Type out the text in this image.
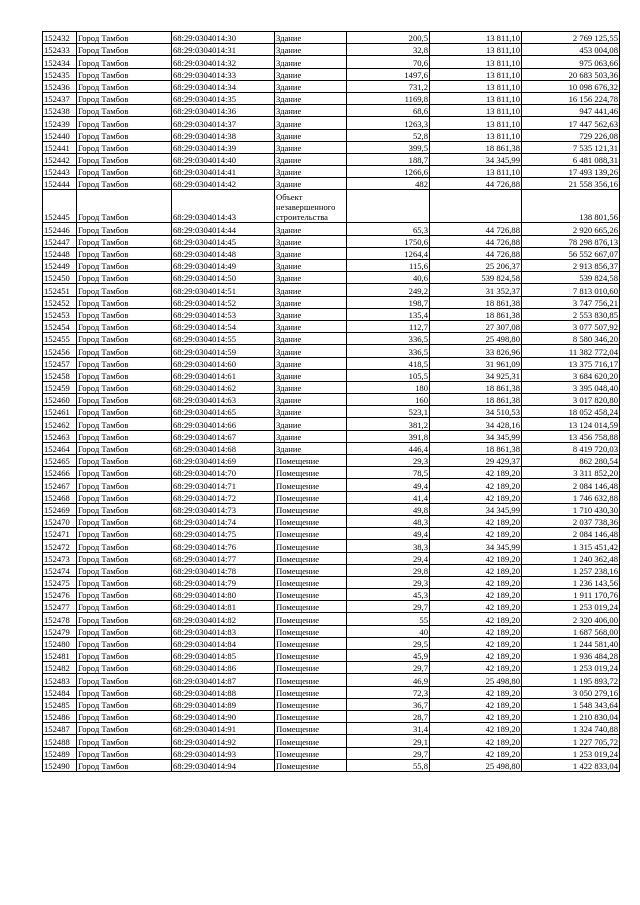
152432	Город Тамбов	68:29:0304014:30	Здание	200,5	13 811,10	2 769 125,55
152433	Город Тамбов	68:29:0304014:31	Здание	32,8	13 811,10	453 004,08
152434	Город Тамбов	68:29:0304014:32	Здание	70,6	13 811,10	975 063,66
152435	Город Тамбов	68:29:0304014:33	Здание	1497,6	13 811,10	20 683 503,36
152436	Город Тамбов	68:29:0304014:34	Здание	731,2	13 811,10	10 098 676,32
152437	Город Тамбов	68:29:0304014:35	Здание	1169,8	13 811,10	16 156 224,78
152438	Город Тамбов	68:29:0304014:36	Здание	68,6	13 811,10	947 441,46
152439	Город Тамбов	68:29:0304014:37	Здание	1263,3	13 811,10	17 447 562,63
152440	Город Тамбов	68:29:0304014:38	Здание	52,8	13 811,10	729 226,08
152441	Город Тамбов	68:29:0304014:39	Здание	399,5	18 861,38	7 535 121,31
152442	Город Тамбов	68:29:0304014:40	Здание	188,7	34 345,99	6 481 088,31
152443	Город Тамбов	68:29:0304014:41	Здание	1266,6	13 811,10	17 493 139,26
152444	Город Тамбов	68:29:0304014:42	Здание	482	44 726,88	21 558 356,16
152445	Город Тамбов	68:29:0304014:43	Объект незавершенного строительства			138 801,56
152446	Город Тамбов	68:29:0304014:44	Здание	65,3	44 726,88	2 920 665,26
152447	Город Тамбов	68:29:0304014:45	Здание	1750,6	44 726,88	78 298 876,13
152448	Город Тамбов	68:29:0304014:48	Здание	1264,4	44 726,88	56 552 667,07
152449	Город Тамбов	68:29:0304014:49	Здание	115,6	25 206,37	2 913 856,37
152450	Город Тамбов	68:29:0304014:50	Здание	40,6	539 824,58	539 824,58
152451	Город Тамбов	68:29:0304014:51	Здание	249,2	31 352,37	7 813 010,60
152452	Город Тамбов	68:29:0304014:52	Здание	198,7	18 861,38	3 747 756,21
152453	Город Тамбов	68:29:0304014:53	Здание	135,4	18 861,38	2 553 830,85
152454	Город Тамбов	68:29:0304014:54	Здание	112,7	27 307,08	3 077 507,92
152455	Город Тамбов	68:29:0304014:55	Здание	336,5	25 498,80	8 580 346,20
152456	Город Тамбов	68:29:0304014:59	Здание	336,5	33 826,96	11 382 772,04
152457	Город Тамбов	68:29:0304014:60	Здание	418,5	31 961,09	13 375 716,17
152458	Город Тамбов	68:29:0304014:61	Здание	105,5	34 925,31	3 684 620,20
152459	Город Тамбов	68:29:0304014:62	Здание	180	18 861,38	3 395 048,40
152460	Город Тамбов	68:29:0304014:63	Здание	160	18 861,38	3 017 820,80
152461	Город Тамбов	68:29:0304014:65	Здание	523,1	34 510,53	18 052 458,24
152462	Город Тамбов	68:29:0304014:66	Здание	381,2	34 428,16	13 124 014,59
152463	Город Тамбов	68:29:0304014:67	Здание	391,8	34 345,99	13 456 758,88
152464	Город Тамбов	68:29:0304014:68	Здание	446,4	18 861,38	8 419 720,03
152465	Город Тамбов	68:29:0304014:69	Помещение	29,3	29 429,37	862 280,54
152466	Город Тамбов	68:29:0304014:70	Помещение	78,5	42 189,20	3 311 852,20
152467	Город Тамбов	68:29:0304014:71	Помещение	49,4	42 189,20	2 084 146,48
152468	Город Тамбов	68:29:0304014:72	Помещение	41,4	42 189,20	1 746 632,88
152469	Город Тамбов	68:29:0304014:73	Помещение	49,8	34 345,99	1 710 430,30
152470	Город Тамбов	68:29:0304014:74	Помещение	48,3	42 189,20	2 037 738,36
152471	Город Тамбов	68:29:0304014:75	Помещение	49,4	42 189,20	2 084 146,48
152472	Город Тамбов	68:29:0304014:76	Помещение	38,3	34 345,99	1 315 451,42
152473	Город Тамбов	68:29:0304014:77	Помещение	29,4	42 189,20	1 240 362,48
152474	Город Тамбов	68:29:0304014:78	Помещение	29,8	42 189,20	1 257 238,16
152475	Город Тамбов	68:29:0304014:79	Помещение	29,3	42 189,20	1 236 143,56
152476	Город Тамбов	68:29:0304014:80	Помещение	45,3	42 189,20	1 911 170,76
152477	Город Тамбов	68:29:0304014:81	Помещение	29,7	42 189,20	1 253 019,24
152478	Город Тамбов	68:29:0304014:82	Помещение	55	42 189,20	2 320 406,00
152479	Город Тамбов	68:29:0304014:83	Помещение	40	42 189,20	1 687 568,00
152480	Город Тамбов	68:29:0304014:84	Помещение	29,5	42 189,20	1 244 581,40
152481	Город Тамбов	68:29:0304014:85	Помещение	45,9	42 189,20	1 936 484,28
152482	Город Тамбов	68:29:0304014:86	Помещение	29,7	42 189,20	1 253 019,24
152483	Город Тамбов	68:29:0304014:87	Помещение	46,9	25 498,80	1 195 893,72
152484	Город Тамбов	68:29:0304014:88	Помещение	72,3	42 189,20	3 050 279,16
152485	Город Тамбов	68:29:0304014:89	Помещение	36,7	42 189,20	1 548 343,64
152486	Город Тамбов	68:29:0304014:90	Помещение	28,7	42 189,20	1 210 830,04
152487	Город Тамбов	68:29:0304014:91	Помещение	31,4	42 189,20	1 324 740,88
152488	Город Тамбов	68:29:0304014:92	Помещение	29,1	42 189,20	1 227 705,72
152489	Город Тамбов	68:29:0304014:93	Помещение	29,7	42 189,20	1 253 019,24
152490	Город Тамбов	68:29:0304014:94	Помещение	55,8	25 498,80	1 422 833,04
